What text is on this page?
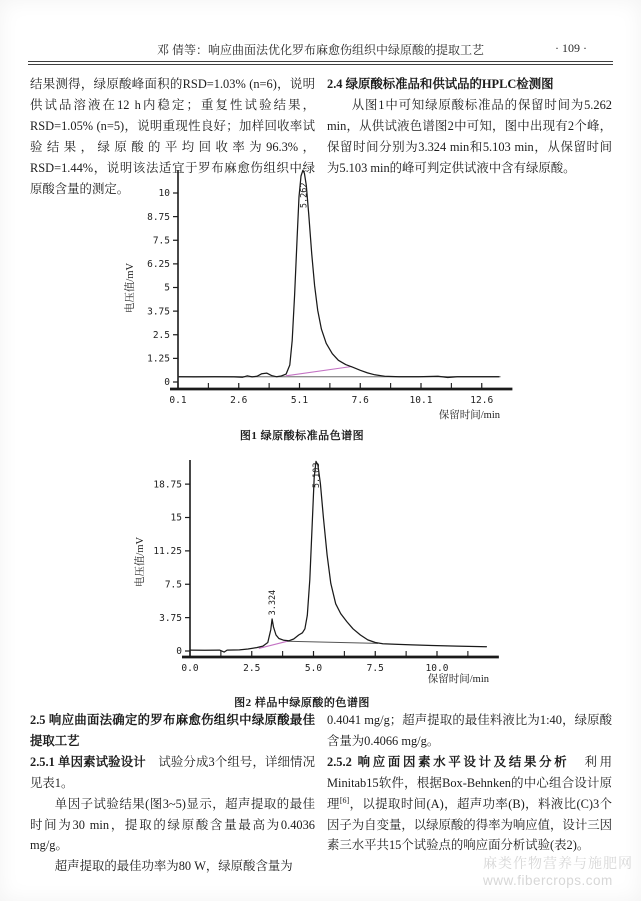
邓 倩等：响应曲面法优化罗布麻愈伤组织中绿原酸的提取工艺	· 109 ·

结果测得，绿原酸峰面积的RSD=1.03% (n=6)，说明供试品溶液在12 h内稳定；重复性试验结果，RSD=1.05% (n=5)，说明重现性良好；加样回收率试验结果，绿原酸的平均回收率为96.3%，RSD=1.44%，说明该法适宜于罗布麻愈伤组织中绿原酸含量的测定。

2.4 绿原酸标准品和供试品的HPLC检测图

从图1中可知绿原酸标准品的保留时间为5.262 min，从供试液色谱图2中可知，图中出现有2个峰，保留时间分别为3.324 min和5.103 min，从保留时间为5.103 min的峰可判定供试液中含有绿原酸。

0
1.25
2.5
3.75
5
6.25
7.5
8.75
10
0.1	2.6	5.1	7.6	10.1	12.6
5.262
电压值/mV
保留时间/min
图1 绿原酸标准品色谱图
0
3.75
7.5
11.25
15
18.75
0.0	2.5	5.0	7.5	10.0
3.324
5.103
电压值/mV
保留时间/min
图2 样品中绿原酸的色谱图
2.5 响应曲面法确定的罗布麻愈伤组织中绿原酸最佳提取工艺

2.5.1 单因素试验设计　试验分成3个组号，详细情况见表1。

单因子试验结果(图3~5)显示，超声提取的最佳时间为30 min，提取的绿原酸含量最高为0.4036 mg/g。

超声提取的最佳功率为80 W，绿原酸含量为

0.4041 mg/g；超声提取的最佳料液比为1:40，绿原酸含量为0.4066 mg/g。

2.5.2 响应面因素水平设计及结果分析　利用Minitab15软件，根据Box-Behnken的中心组合设计原理[6]，以提取时间(A)，超声功率(B)，料液比(C)3个因子为自变量，以绿原酸的得率为响应值，设计三因素三水平共15个试验点的响应面分析试验(表2)。

麻类作物营养与施肥网
www.fibercrops.com
